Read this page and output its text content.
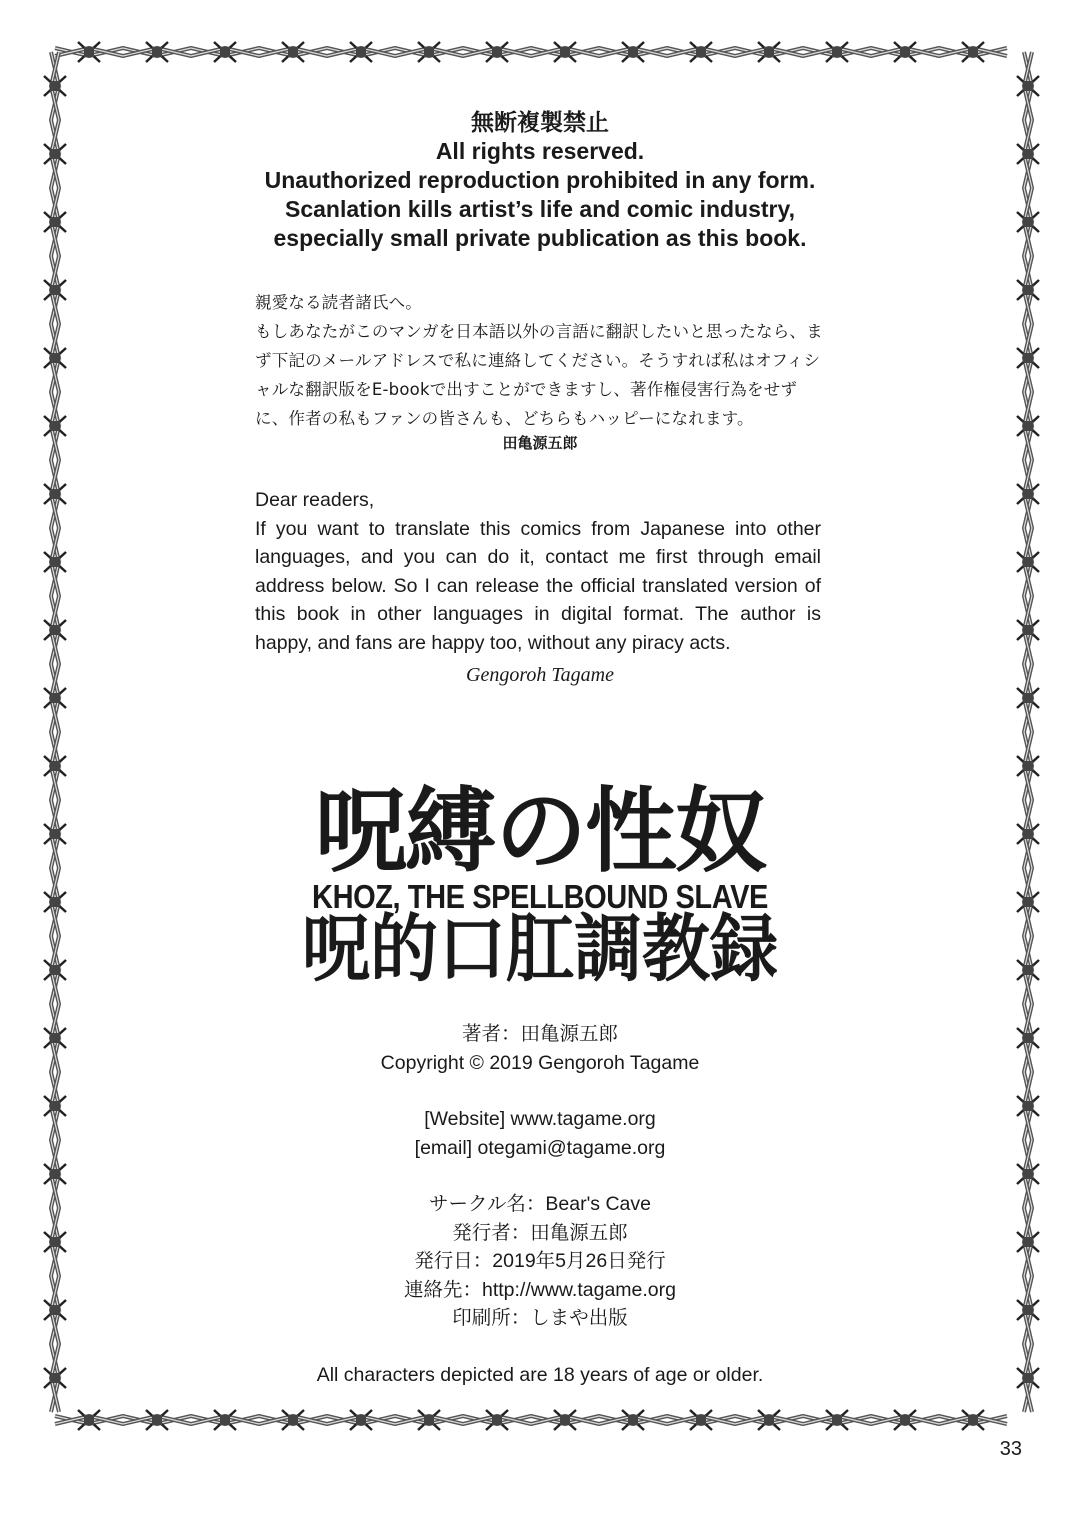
無断複製禁止
All rights reserved.
Unauthorized reproduction prohibited in any form.
Scanlation kills artist’s life and comic industry,
especially small private publication as this book.
親愛なる読者諸氏へ。
もしあなたがこのマンガを日本語以外の言語に翻訳したいと思ったなら、まず下記のメールアドレスで私に連絡してください。そうすれば私はオフィシャルな翻訳版をE-bookで出すことができますし、著作権侵害行為をせずに、作者の私もファンの皆さんも、どちらもハッピーになれます。
田亀源五郎

Dear readers,

If you want to translate this comics from Japanese into other languages, and you can do it, contact me first through email address below. So I can release the official translated version of this book in other languages in digital format. The author is happy, and fans are happy too, without any piracy acts.

Gengoroh Tagame
呪縛の性奴
KHOZ, THE SPELLBOUND SLAVE
呪的口肛調教録
著者：田亀源五郎
Copyright © 2019 Gengoroh Tagame
[Website] www.tagame.org
[email] otegami@tagame.org
サークル名：Bear's Cave
発行者：田亀源五郎
発行日：2019年5月26日発行
連絡先：http://www.tagame.org
印刷所：しまや出版
All characters depicted are 18 years of age or older.
33
